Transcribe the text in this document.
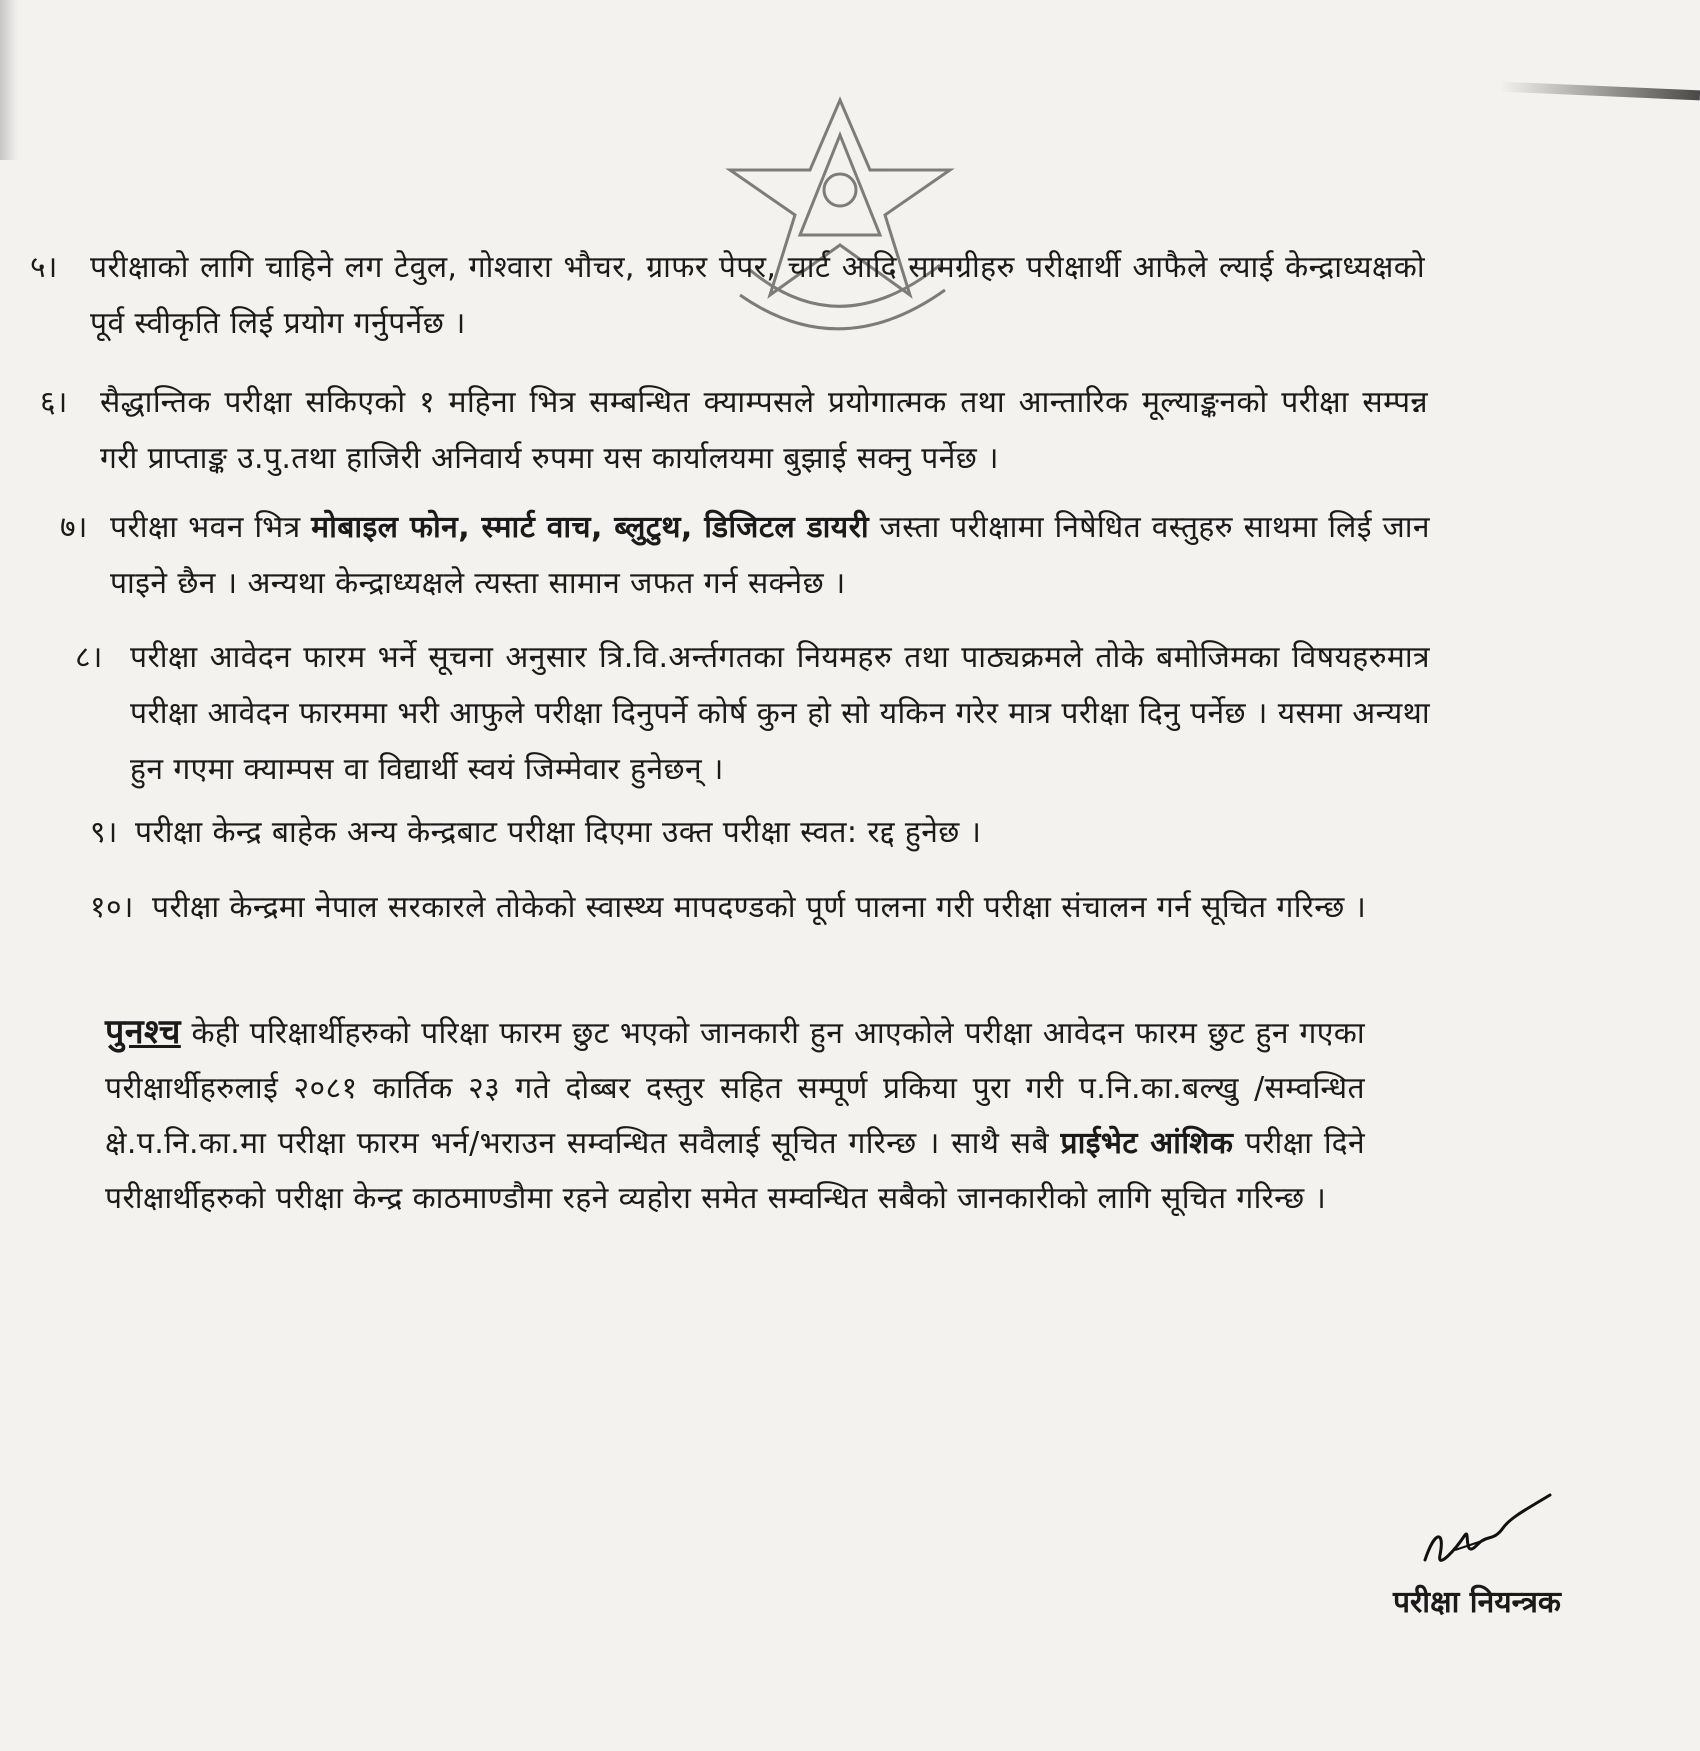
५। परीक्षाको लागि चाहिने लग टेवुल, गोश्वारा भौचर, ग्राफर पेपर, चार्ट आदि सामग्रीहरु परीक्षार्थी आफैले ल्याई केन्द्राध्यक्षको पूर्व स्वीकृति लिई प्रयोग गर्नुपर्नेछ ।
६। सैद्धान्तिक परीक्षा सकिएको १ महिना भित्र सम्बन्धित क्याम्पसले प्रयोगात्मक तथा आन्तारिक मूल्याङ्कनको परीक्षा सम्पन्न गरी प्राप्ताङ्क उ.पु.तथा हाजिरी अनिवार्य रुपमा यस कार्यालयमा बुझाई सक्नु पर्नेछ ।
७। परीक्षा भवन भित्र मोबाइल फोन, स्मार्ट वाच, ब्लुटुथ, डिजिटल डायरी जस्ता परीक्षामा निषेधित वस्तुहरु साथमा लिई जान पाइने छैन । अन्यथा केन्द्राध्यक्षले त्यस्ता सामान जफत गर्न सक्नेछ ।
८। परीक्षा आवेदन फारम भर्ने सूचना अनुसार त्रि.वि.अर्न्तगतका नियमहरु तथा पाठ्यक्रमले तोके बमोजिमका विषयहरुमात्र परीक्षा आवेदन फारममा भरी आफुले परीक्षा दिनुपर्ने कोर्ष कुन हो सो यकिन गरेर मात्र परीक्षा दिनु पर्नेछ । यसमा अन्यथा हुन गएमा क्याम्पस वा विद्यार्थी स्वयं जिम्मेवार हुनेछन् ।
९। परीक्षा केन्द्र बाहेक अन्य केन्द्रबाट परीक्षा दिएमा उक्त परीक्षा स्वत: रद्द हुनेछ ।
१०। परीक्षा केन्द्रमा नेपाल सरकारले तोकेको स्वास्थ्य मापदण्डको पूर्ण पालना गरी परीक्षा संचालन गर्न सूचित गरिन्छ ।
पुनश्च केही परिक्षार्थीहरुको परिक्षा फारम छुट भएको जानकारी हुन आएकोले परीक्षा आवेदन फारम छुट हुन गएका परीक्षार्थीहरुलाई २०८१ कार्तिक २३ गते दोब्बर दस्तुर सहित सम्पूर्ण प्रकिया पुरा गरी प.नि.का.बल्खु /सम्वन्धित क्षे.प.नि.का.मा परीक्षा फारम भर्न/भराउन सम्वन्धित सवैलाई सूचित गरिन्छ । साथै सबै प्राईभेट आंशिक परीक्षा दिने परीक्षार्थीहरुको परीक्षा केन्द्र काठमाण्डौमा रहने व्यहोरा समेत सम्वन्धित सबैको जानकारीको लागि सूचित गरिन्छ ।
परीक्षा नियन्त्रक
